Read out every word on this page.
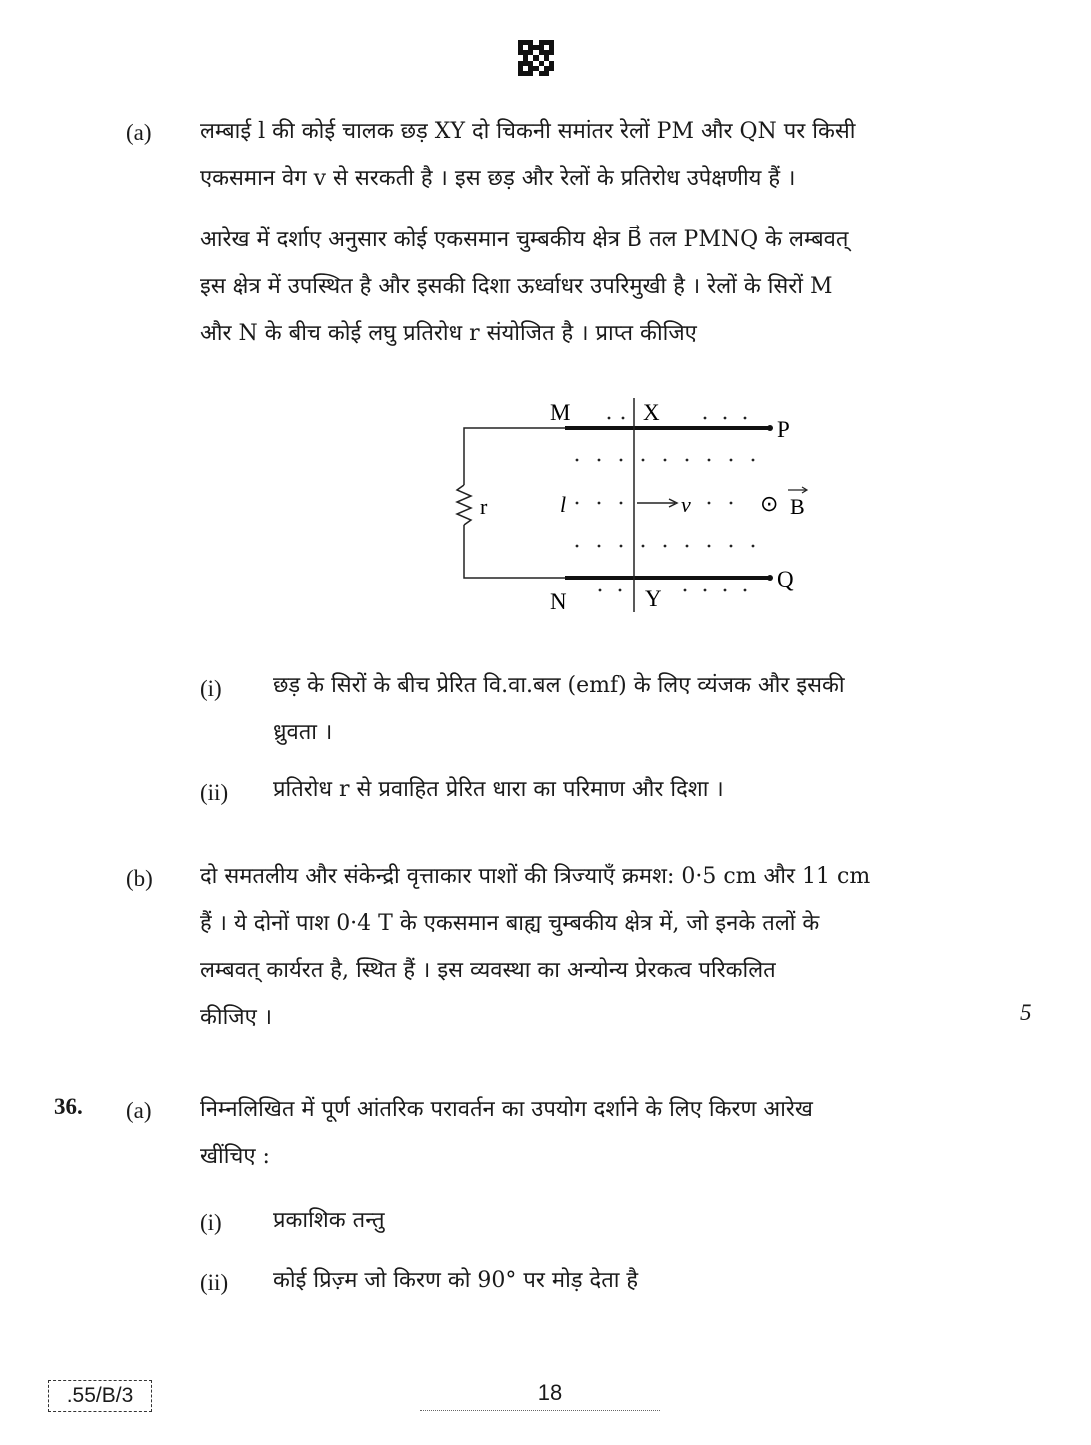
(a) लम्बाई l की कोई चालक छड़ XY दो चिकनी समांतर रेलों PM और QN पर किसी
एकसमान वेग v से सरकती है । इस छड़ और रेलों के प्रतिरोध उपेक्षणीय हैं ।
आरेख में दर्शाए अनुसार कोई एकसमान चुम्बकीय क्षेत्र B⃗ तल PMNQ के लम्बवत्
इस क्षेत्र में उपस्थित है और इसकी दिशा ऊर्ध्वाधर उपरिमुखी है । रेलों के सिरों M
और N के बीच कोई लघु प्रतिरोध r संयोजित है । प्राप्त कीजिए
M	X
P
N	Y
Q
r	l	v	⊙ B
(i) छड़ के सिरों के बीच प्रेरित वि.वा.बल (emf) के लिए व्यंजक और इसकी
ध्रुवता ।
(ii) प्रतिरोध r से प्रवाहित प्रेरित धारा का परिमाण और दिशा ।
(b) दो समतलीय और संकेन्द्री वृत्ताकार पाशों की त्रिज्याएँ क्रमश: 0·5 cm और 11 cm
हैं । ये दोनों पाश 0·4 T के एकसमान बाह्य चुम्बकीय क्षेत्र में, जो इनके तलों के
लम्बवत् कार्यरत है, स्थित हैं । इस व्यवस्था का अन्योन्य प्रेरकत्व परिकलित
कीजिए ।	5
36. (a) निम्नलिखित में पूर्ण आंतरिक परावर्तन का उपयोग दर्शाने के लिए किरण आरेख
खींचिए :
(i) प्रकाशिक तन्तु
(ii) कोई प्रिज़्म जो किरण को 90° पर मोड़ देता है
.55/B/3	18
